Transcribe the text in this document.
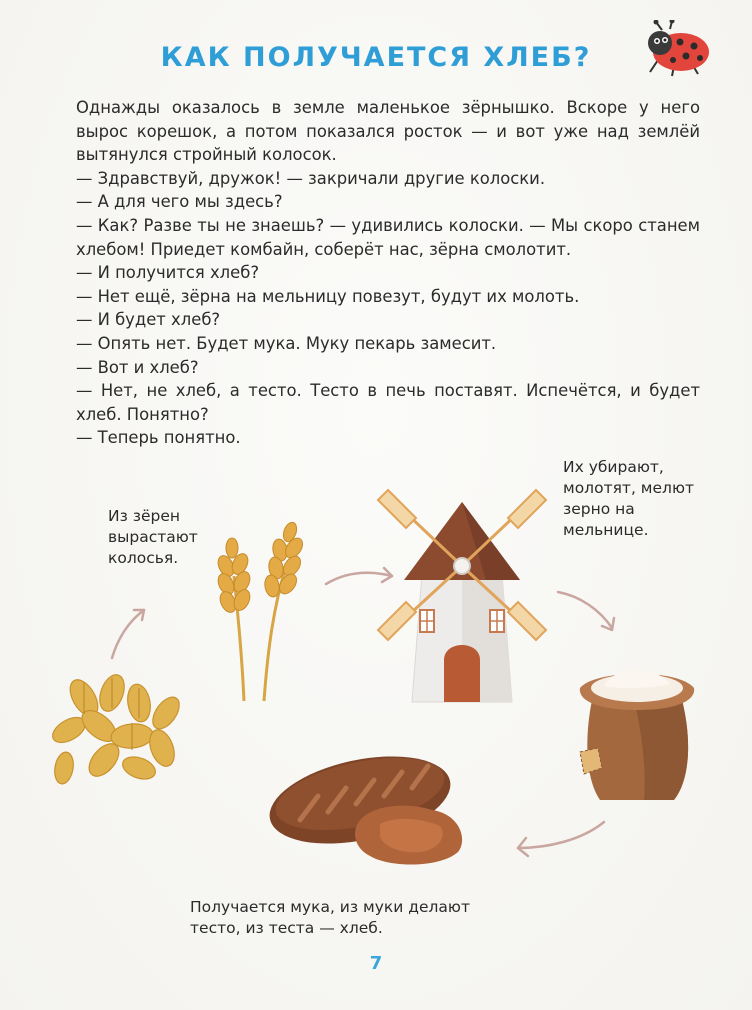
КАК ПОЛУЧАЕТСЯ ХЛЕБ?

Однажды оказалось в земле маленькое зёрнышко. Вскоре у него вырос корешок, а потом показался росток — и вот уже над землёй вытянулся стройный колосок.

— Здравствуй, дружок! — закричали другие колоски.

— А для чего мы здесь?

— Как? Разве ты не знаешь? — удивились колоски. — Мы скоро станем хлебом! Приедет комбайн, соберёт нас, зёрна смолотит.

— И получится хлеб?

— Нет ещё, зёрна на мельницу повезут, будут их молоть.

— И будет хлеб?

— Опять нет. Будет мука. Муку пекарь замесит.

— Вот и хлеб?

— Нет, не хлеб, а тесто. Тесто в печь поставят. Испечётся, и будет хлеб. Понятно?

— Теперь понятно.

Из зёрен вырастают колосья.
Их убирают, молотят, мелют зерно на мельнице.
Получается мука, из муки делают тесто, из теста — хлеб.
7
